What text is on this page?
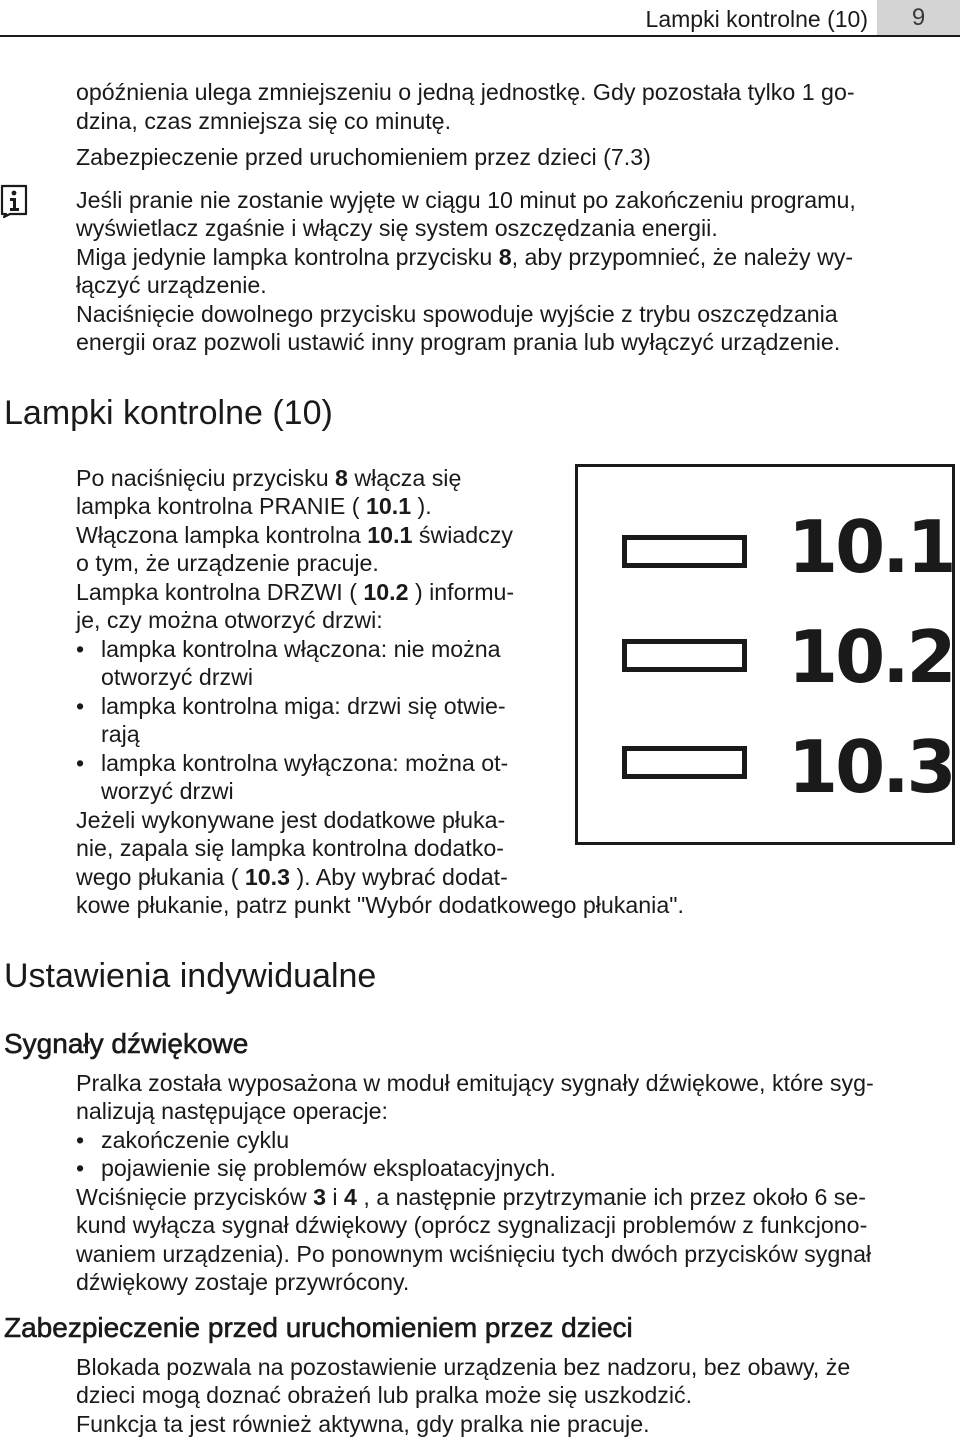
Lampki kontrolne (10)	9

opóźnienia ulega zmniejszeniu o jedną jednostkę. Gdy pozostała tylko 1 go-

dzina, czas zmniejsza się co minutę.

Zabezpieczenie przed uruchomieniem przez dzieci (7.3)

Jeśli pranie nie zostanie wyjęte w ciągu 10 minut po zakończeniu programu,

wyświetlacz zgaśnie i włączy się system oszczędzania energii.

Miga jedynie lampka kontrolna przycisku 8, aby przypomnieć, że należy wy-

łączyć urządzenie.

Naciśnięcie dowolnego przycisku spowoduje wyjście z trybu oszczędzania

energii oraz pozwoli ustawić inny program prania lub wyłączyć urządzenie.

Lampki kontrolne (10)

Po naciśnięciu przycisku 8 włącza się

lampka kontrolna PRANIE ( 10.1 ).

Włączona lampka kontrolna 10.1 świadczy

o tym, że urządzenie pracuje.

Lampka kontrolna DRZWI ( 10.2 ) informu-

je, czy można otworzyć drzwi:

• lampka kontrolna włączona: nie można
otworzyć drzwi
• lampka kontrolna miga: drzwi się otwie-
rają
• lampka kontrolna wyłączona: można ot-
worzyć drzwi

Jeżeli wykonywane jest dodatkowe płuka-

nie, zapala się lampka kontrolna dodatko-

wego płukania ( 10.3 ). Aby wybrać dodat-

kowe płukanie, patrz punkt "Wybór dodatkowego płukania".

10.1
10.2
10.3
Ustawienia indywidualne
Sygnały dźwiękowe

Pralka została wyposażona w moduł emitujący sygnały dźwiękowe, które syg-

nalizują następujące operacje:

• zakończenie cyklu
• pojawienie się problemów eksploatacyjnych.

Wciśnięcie przycisków 3 i 4 , a następnie przytrzymanie ich przez około 6 se-

kund wyłącza sygnał dźwiękowy (oprócz sygnalizacji problemów z funkcjono-

waniem urządzenia). Po ponownym wciśnięciu tych dwóch przycisków sygnał

dźwiękowy zostaje przywrócony.

Zabezpieczenie przed uruchomieniem przez dzieci

Blokada pozwala na pozostawienie urządzenia bez nadzoru, bez obawy, że

dzieci mogą doznać obrażeń lub pralka może się uszkodzić.

Funkcja ta jest również aktywna, gdy pralka nie pracuje.
